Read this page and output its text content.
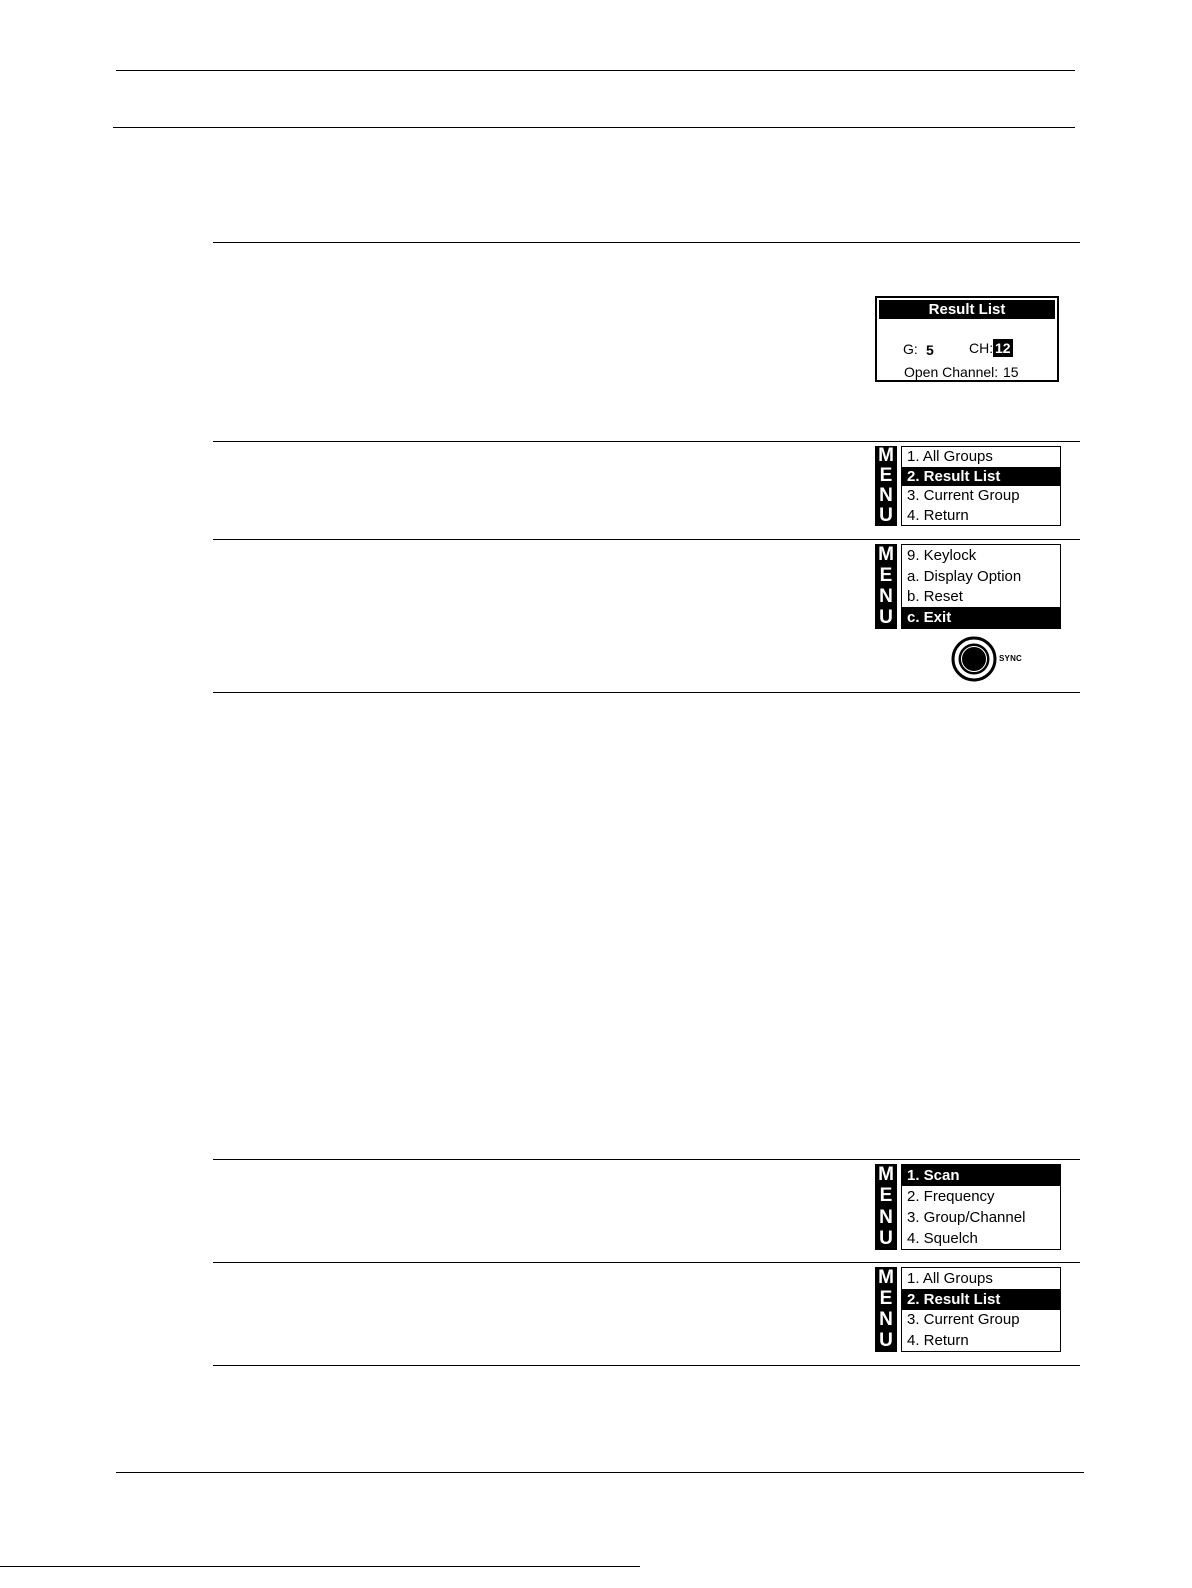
Result List
G: 5	CH: 12
Open Channel: 15
M
E
N
U
1. All Groups
2. Result List
3. Current Group
4. Return
M
E
N
U
9. Keylock
a. Display Option
b. Reset
c. Exit
M
E
N
U
1. Scan
2. Frequency
3. Group/Channel
4. Squelch
M
E
N
U
1. All Groups
2. Result List
3. Current Group
4. Return
SYNC
